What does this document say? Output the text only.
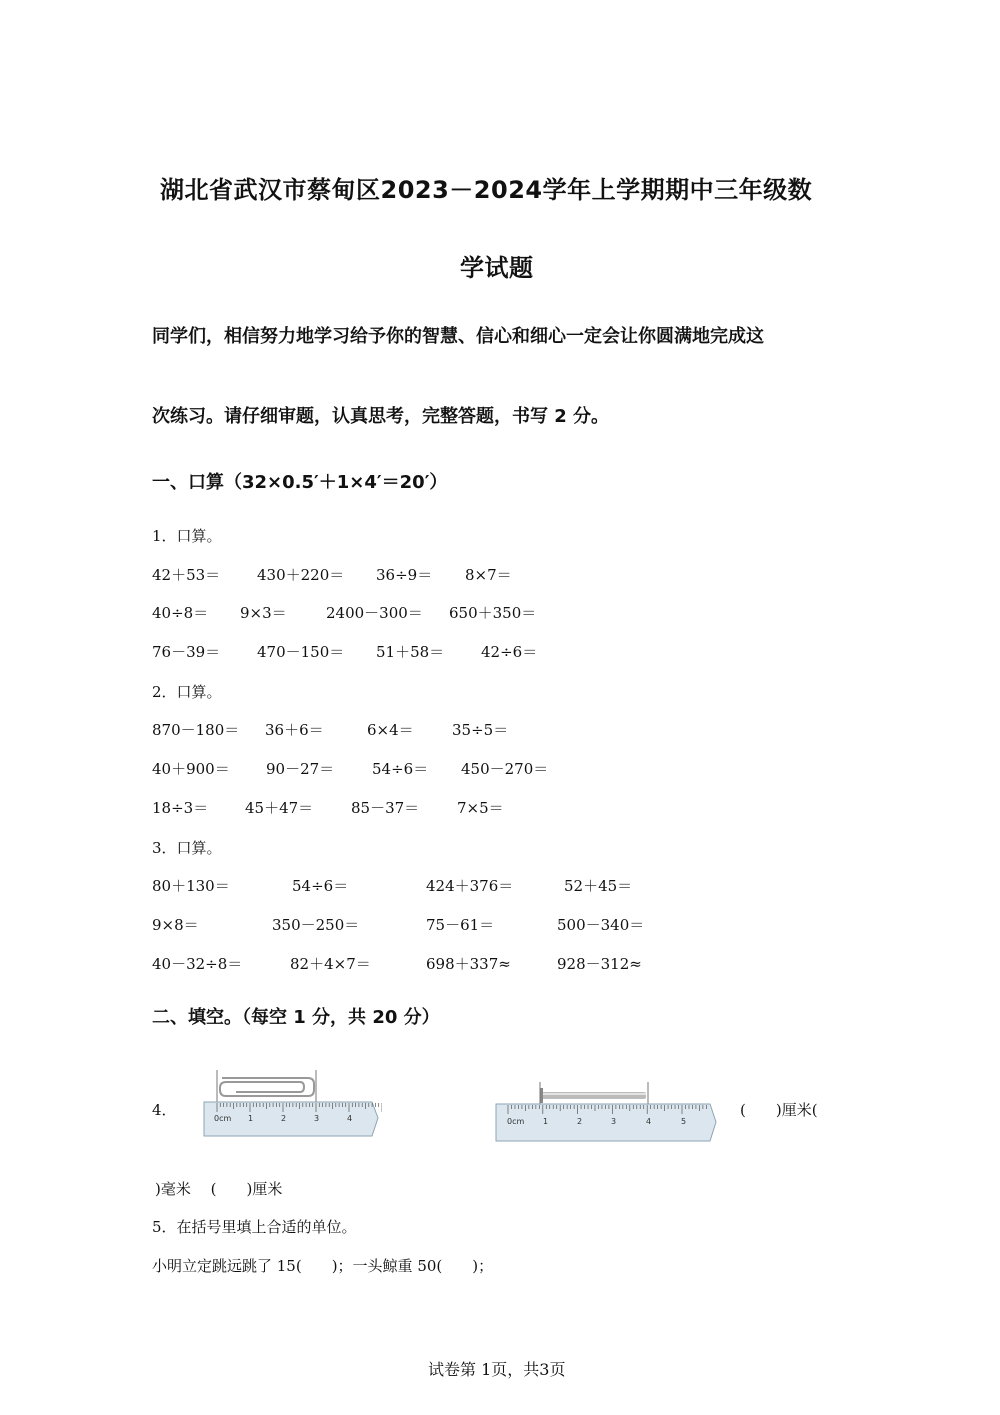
湖北省武汉市蔡甸区2023－2024学年上学期期中三年级数
学试题
同学们，相信努力地学习给予你的智慧、信心和细心一定会让你圆满地完成这
次练习。请仔细审题，认真思考，完整答题，书写 2 分。
一、口算（32×0.5′＋1×4′＝20′）
1．口算。
42＋53＝ 430＋220＝ 36÷9＝ 8×7＝
40÷8＝ 9×3＝	2400－300＝ 650＋350＝
76－39＝ 470－150＝ 51＋58＝ 42÷6＝
2．口算。
870－180＝ 36＋6＝	6×4＝	35÷5＝
40＋900＝ 90－27＝	54÷6＝ 450－270＝
18÷3＝ 45＋47＝	85－37＝	7×5＝
3．口算。
80＋130＝	54÷6＝	424＋376＝	52＋45＝
9×8＝	350－250＝	75－61＝	500－340＝
40－32÷8＝	82＋4×7＝	698＋337≈	928－312≈
二、填空。（每空 1 分，共 20 分）
4．	0cm 1	2	3	4	0cm 1	2	3	4	5
(　　)厘米(
)毫米　 (　　)厘米
5．在括号里填上合适的单位。
小明立定跳远跳了 15(　　)；一头鲸重 50(　　)；
试卷第 1页，共3页
